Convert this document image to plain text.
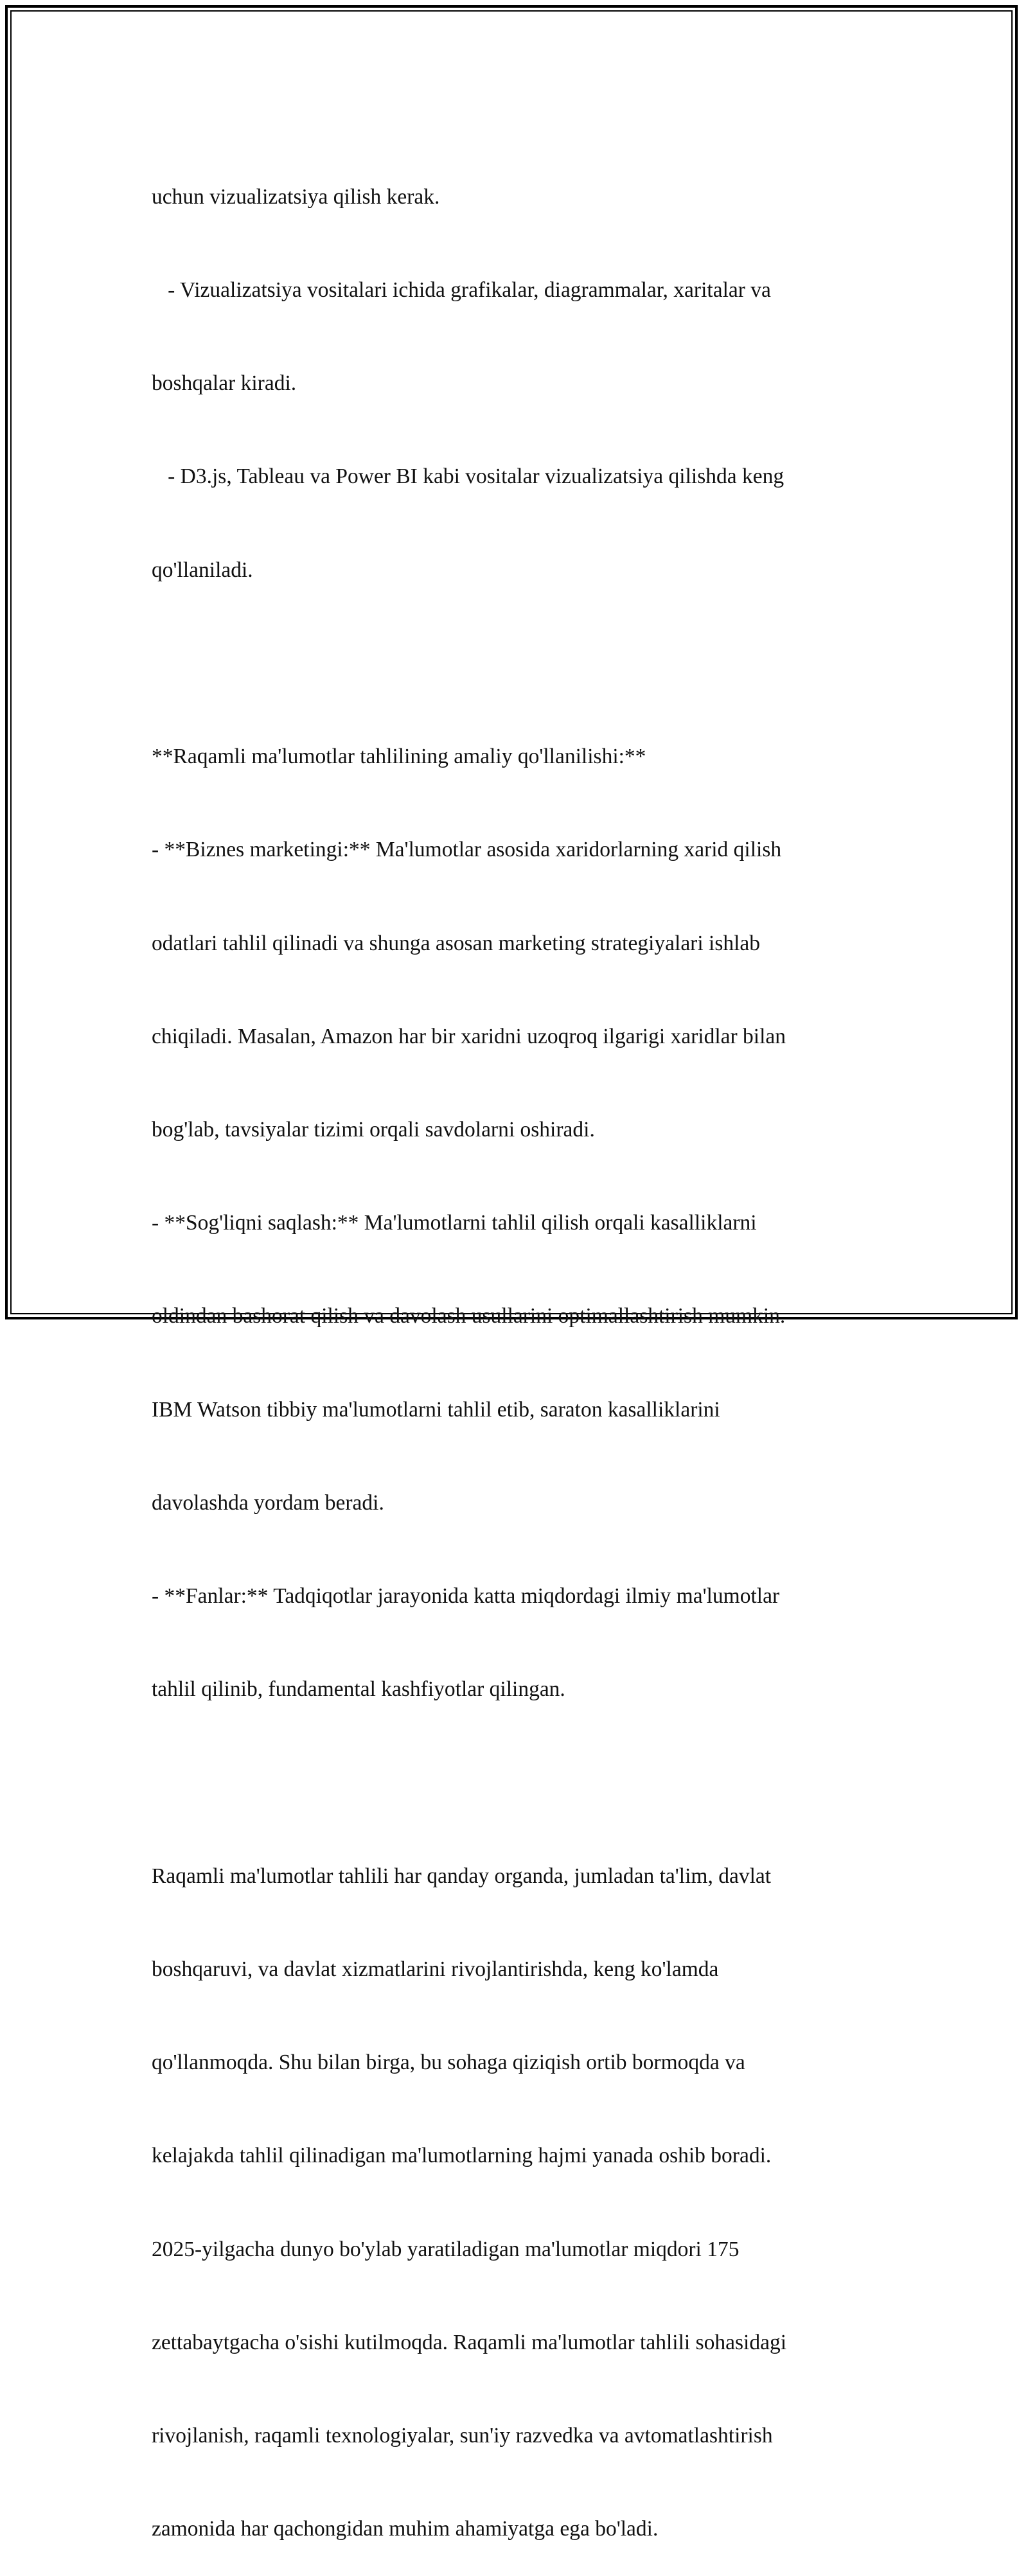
uchun vizualizatsiya qilish kerak.

- Vizualizatsiya vositalari ichida grafikalar, diagrammalar, xaritalar va

boshqalar kiradi.

- D3.js, Tableau va Power BI kabi vositalar vizualizatsiya qilishda keng

qo'llaniladi.

**Raqamli ma'lumotlar tahlilining amaliy qo'llanilishi:**

- **Biznes marketingi:** Ma'lumotlar asosida xaridorlarning xarid qilish

odatlari tahlil qilinadi va shunga asosan marketing strategiyalari ishlab

chiqiladi. Masalan, Amazon har bir xaridni uzoqroq ilgarigi xaridlar bilan

bog'lab, tavsiyalar tizimi orqali savdolarni oshiradi.

- **Sog'liqni saqlash:** Ma'lumotlarni tahlil qilish orqali kasalliklarni

oldindan bashorat qilish va davolash usullarini optimallashtirish mumkin.

IBM Watson tibbiy ma'lumotlarni tahlil etib, saraton kasalliklarini

davolashda yordam beradi.

- **Fanlar:** Tadqiqotlar jarayonida katta miqdordagi ilmiy ma'lumotlar

tahlil qilinib, fundamental kashfiyotlar qilingan.

Raqamli ma'lumotlar tahlili har qanday organda, jumladan ta'lim, davlat

boshqaruvi, va davlat xizmatlarini rivojlantirishda, keng ko'lamda

qo'llanmoqda. Shu bilan birga, bu sohaga qiziqish ortib bormoqda va

kelajakda tahlil qilinadigan ma'lumotlarning hajmi yanada oshib boradi.

2025-yilgacha dunyo bo'ylab yaratiladigan ma'lumotlar miqdori 175

zettabaytgacha o'sishi kutilmoqda. Raqamli ma'lumotlar tahlili sohasidagi

rivojlanish, raqamli texnologiyalar, sun'iy razvedka va avtomatlashtirish

zamonida har qachongidan muhim ahamiyatga ega bo'ladi.
